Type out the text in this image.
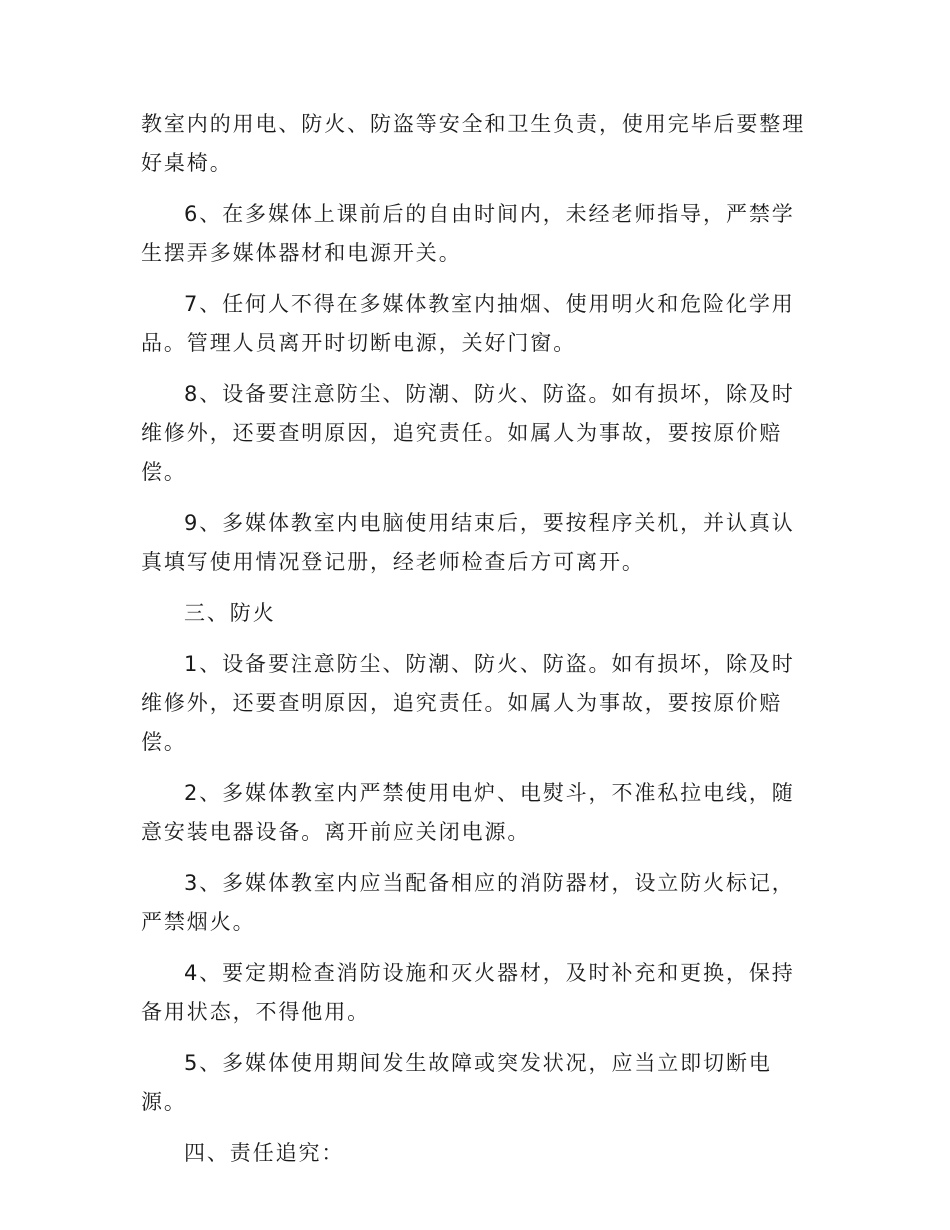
教室内的用电、防火、防盗等安全和卫生负责，使用完毕后要整理好桌椅。

6、在多媒体上课前后的自由时间内，未经老师指导，严禁学生摆弄多媒体器材和电源开关。

7、任何人不得在多媒体教室内抽烟、使用明火和危险化学用品。管理人员离开时切断电源，关好门窗。

8、设备要注意防尘、防潮、防火、防盗。如有损坏，除及时维修外，还要查明原因，追究责任。如属人为事故，要按原价赔偿。

9、多媒体教室内电脑使用结束后，要按程序关机，并认真认真填写使用情况登记册，经老师检查后方可离开。

三、防火

1、设备要注意防尘、防潮、防火、防盗。如有损坏，除及时维修外，还要查明原因，追究责任。如属人为事故，要按原价赔偿。

2、多媒体教室内严禁使用电炉、电熨斗，不准私拉电线，随意安装电器设备。离开前应关闭电源。

3、多媒体教室内应当配备相应的消防器材，设立防火标记，严禁烟火。

4、要定期检查消防设施和灭火器材，及时补充和更换，保持备用状态，不得他用。

5、多媒体使用期间发生故障或突发状况，应当立即切断电源。

四、责任追究：
